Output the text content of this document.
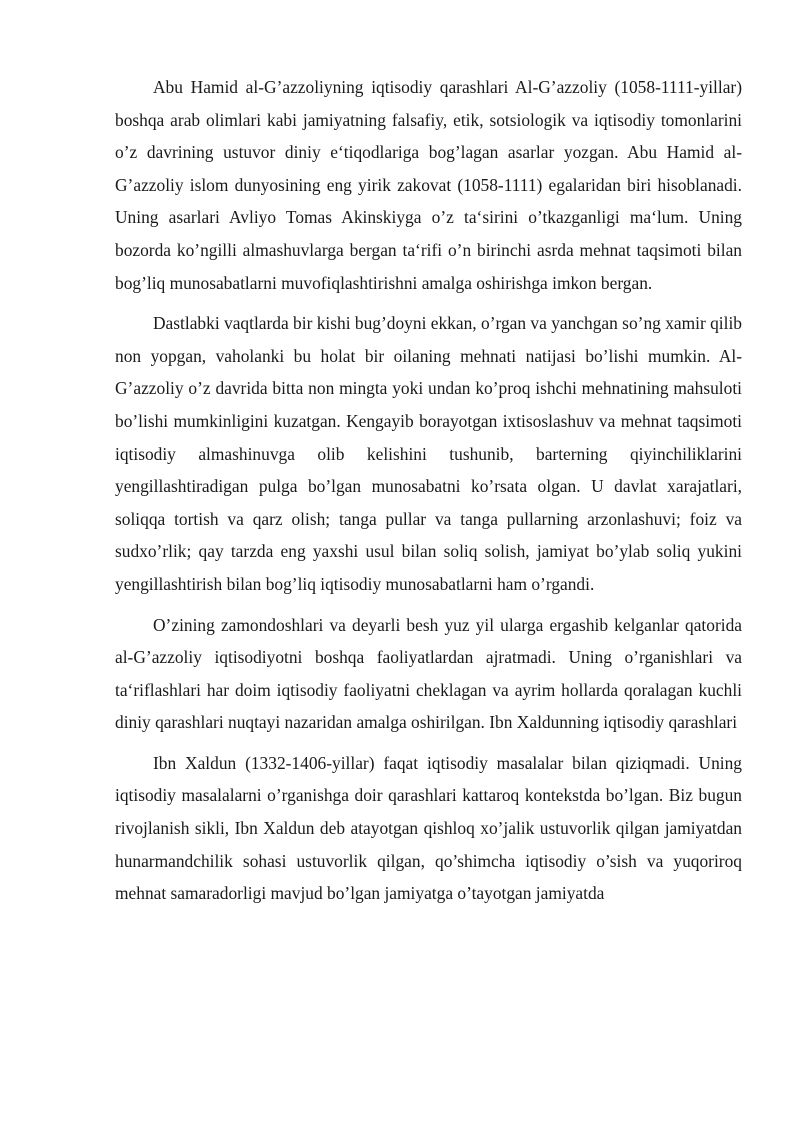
Abu Hamid al-G’azzoliyning iqtisodiy qarashlari Al-G’azzoliy (1058-1111-yillar) boshqa arab olimlari kabi jamiyatning falsafiy, etik, sotsiologik va iqtisodiy tomonlarini o’z davrining ustuvor diniy e‘tiqodlariga bog’lagan asarlar yozgan. Abu Hamid al-G’azzoliy islom dunyosining eng yirik zakovat (1058-1111) egalaridan biri hisoblanadi. Uning asarlari Avliyo Tomas Akinskiyga o’z ta‘sirini o’tkazganligi ma‘lum. Uning bozorda ko’ngilli almashuvlarga bergan ta‘rifi o’n birinchi asrda mehnat taqsimoti bilan bog’liq munosabatlarni muvofiqlashtirishni amalga oshirishga imkon bergan.

Dastlabki vaqtlarda bir kishi bug’doyni ekkan, o’rgan va yanchgan so’ng xamir qilib non yopgan, vaholanki bu holat bir oilaning mehnati natijasi bo’lishi mumkin. Al-G’azzoliy o’z davrida bitta non mingta yoki undan ko’proq ishchi mehnatining mahsuloti bo’lishi mumkinligini kuzatgan. Kengayib borayotgan ixtisoslashuv va mehnat taqsimoti iqtisodiy almashinuvga olib kelishini tushunib, barterning qiyinchiliklarini yengillashtiradigan pulga bo’lgan munosabatni ko’rsata olgan. U davlat xarajatlari, soliqqa tortish va qarz olish; tanga pullar va tanga pullarning arzonlashuvi; foiz va sudxo’rlik; qay tarzda eng yaxshi usul bilan soliq solish, jamiyat bo’ylab soliq yukini yengillashtirish bilan bog’liq iqtisodiy munosabatlarni ham o’rgandi.

O’zining zamondoshlari va deyarli besh yuz yil ularga ergashib kelganlar qatorida al-G’azzoliy iqtisodiyotni boshqa faoliyatlardan ajratmadi. Uning o’rganishlari va ta‘riflashlari har doim iqtisodiy faoliyatni cheklagan va ayrim hollarda qoralagan kuchli diniy qarashlari nuqtayi nazaridan amalga oshirilgan. Ibn Xaldunning iqtisodiy qarashlari

Ibn Xaldun (1332-1406-yillar) faqat iqtisodiy masalalar bilan qiziqmadi. Uning iqtisodiy masalalarni o’rganishga doir qarashlari kattaroq kontekstda bo’lgan. Biz bugun rivojlanish sikli, Ibn Xaldun deb atayotgan qishloq xo’jalik ustuvorlik qilgan jamiyatdan hunarmandchilik sohasi ustuvorlik qilgan, qo’shimcha iqtisodiy o’sish va yuqoriroq mehnat samaradorligi mavjud bo’lgan jamiyatga o’tayotgan jamiyatda
